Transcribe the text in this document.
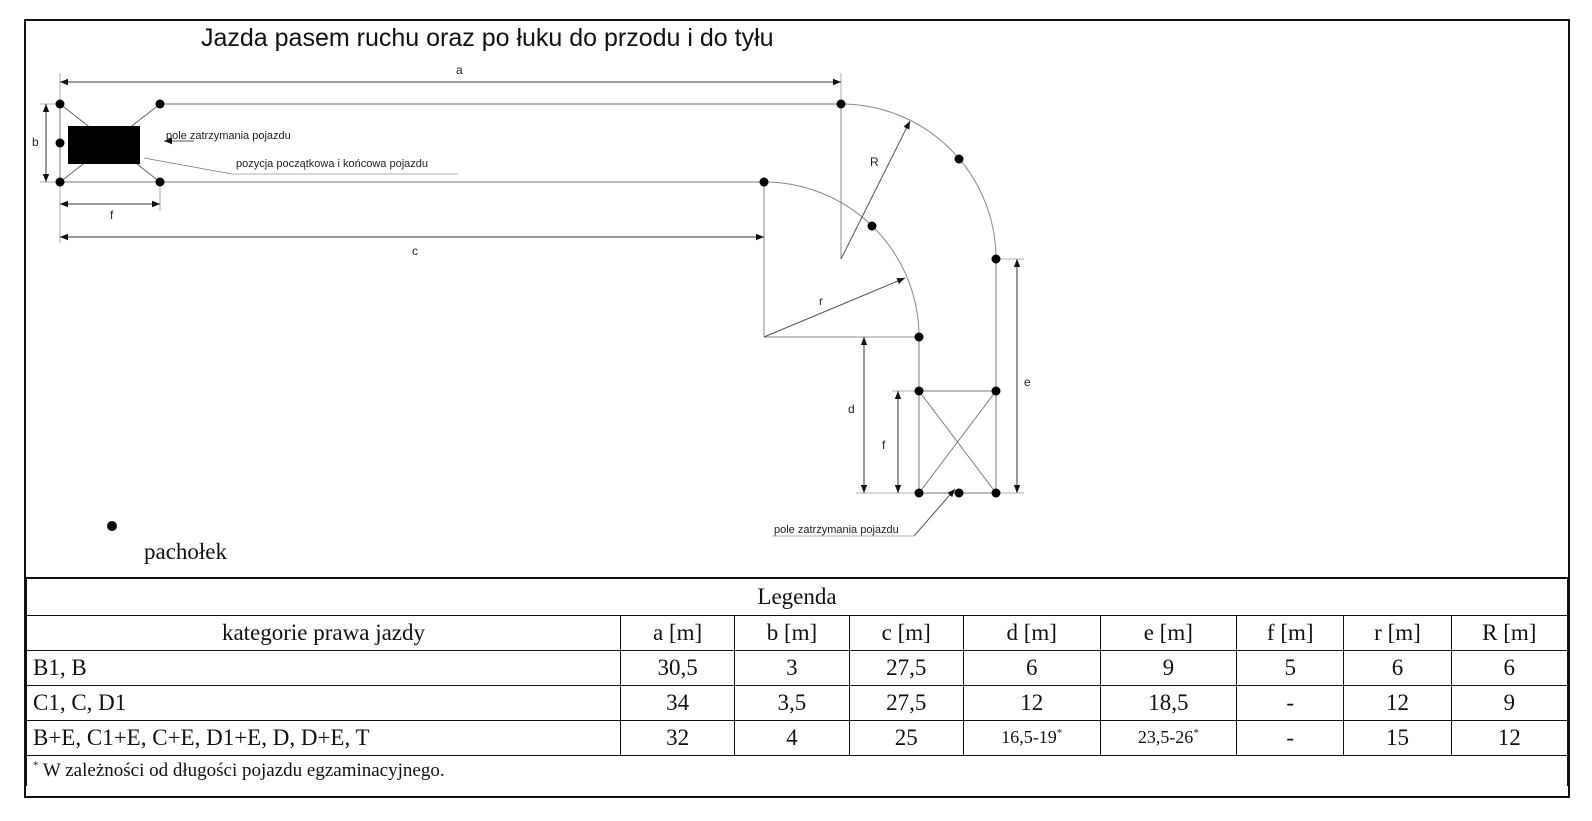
a
b
f
c
d
f
e
R
r
pole zatrzymania pojazdu
pozycja początkowa i końcowa pojazdu
pole zatrzymania pojazdu
Jazda pasem ruchu oraz po łuku do przodu i do tyłu
pachołek
Legenda								
kategorie prawa jazdy	a [m]	b [m]	c [m]	d [m]	e [m]	f [m]	r [m]	R [m]
B1, B	30,5	3	27,5	6	9	5	6	6
C1, C, D1	34	3,5	27,5	12	18,5	-	12	9
B+E, C1+E, C+E, D1+E, D, D+E, T	32	4	25	16,5-19*	23,5-26*	-	15	12
* W zależności od długości pojazdu egzaminacyjnego.								
